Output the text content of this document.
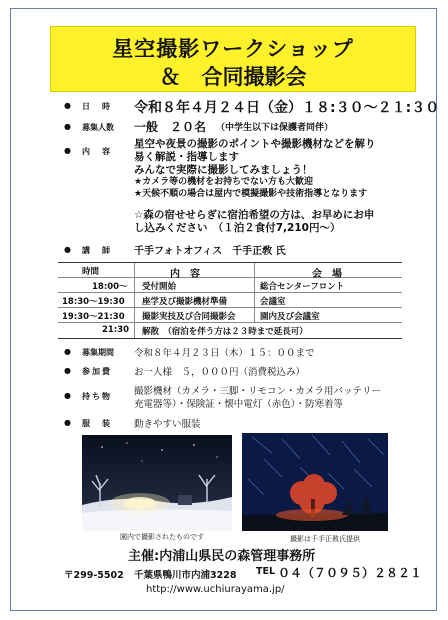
星空撮影ワークショップ
＆　合同撮影会
● 日　時 令和８年４月２４日（金）１８:３０〜２１:３０
● 募集人数 一般　２０名 （中学生以下は保護者同伴）
● 内　容
星空や夜景の撮影のポイントや撮影機材などを解り
易く解説・指導します
みんなで実際に撮影してみましょう！
★カメラ等の機材をお持ちでない方も大歓迎
★天候不順の場合は屋内で模擬撮影や技術指導となります
☆森の宿せせらぎに宿泊希望の方は、お早めにお申
し込みください　（１泊２食付7,210円〜）
● 講　師 千手フォトオフィス　千手正敎 氏
時間	内　容	会　場
18:00〜 受付開始	総合センターフロント
18:30〜19:30 座学及び撮影機材準備	会議室
19:30〜21:30 撮影実技及び合同撮影会	園内及び会議室
21:30 解散　（宿泊を伴う方は２３時まで延長可）
● 募集期間 令和８年４月２３日（木）１５：００まで
● 参加費 お一人様　５，０００円（消費税込み）
● 持ち物 撮影機材（カメラ・三脚・リモコン・カメラ用バッテリー
充電器等）・保険証・懐中電灯（赤色）・防寒着等
● 服　装 動きやすい服装
園内で撮影されたものです	撮影は千手正敎氏提供
主催:内浦山県民の森管理事務所
〒299-5502 千葉県鴨川市内浦3228 TEL ０４（７０９５）２８２１
http://www.uchiurayama.jp/
